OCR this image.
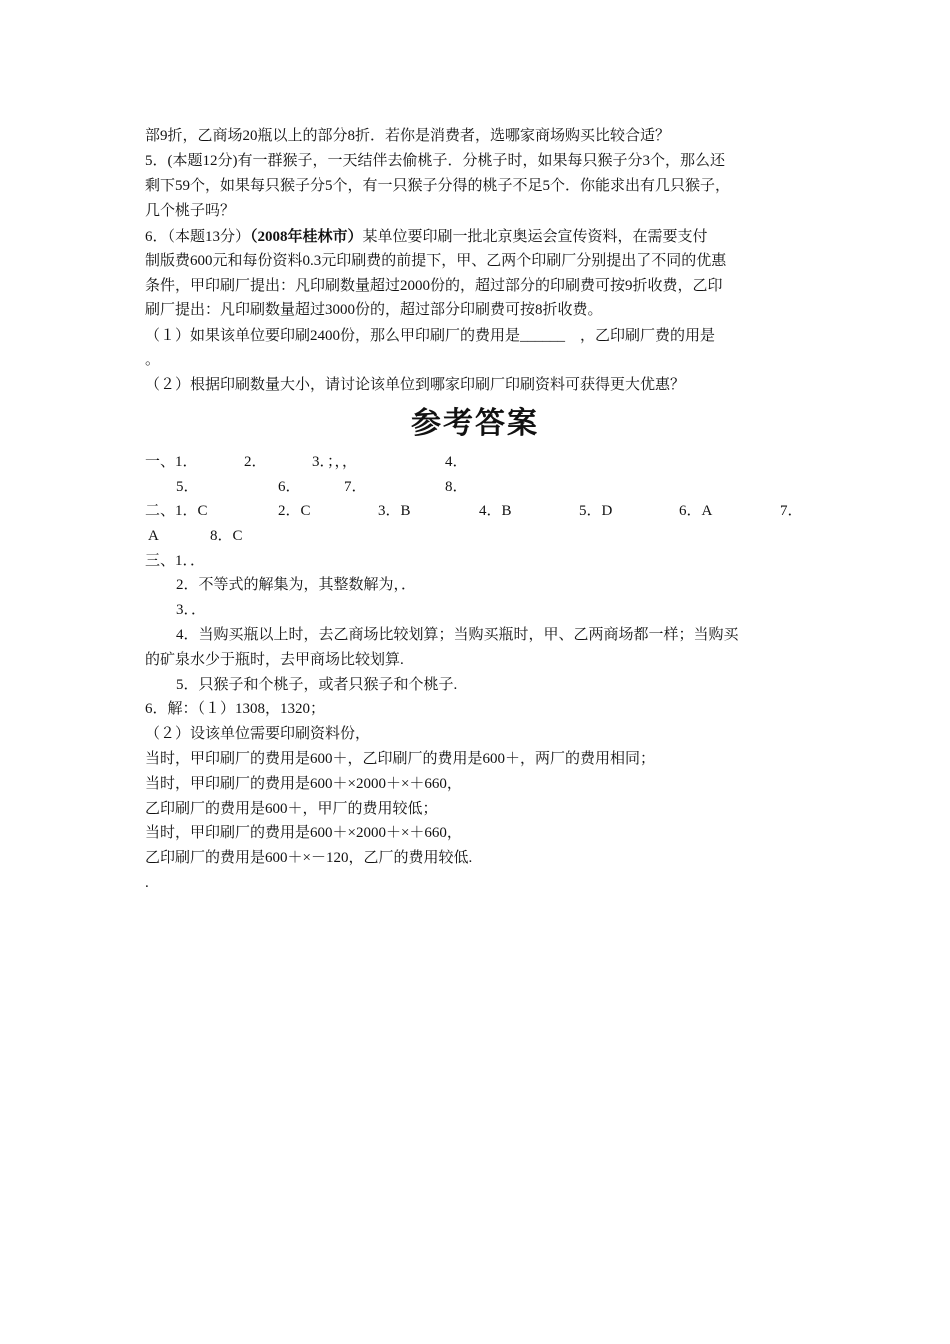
部9折，乙商场20瓶以上的部分8折．若你是消费者，选哪家商场购买比较合适？
5．(本题12分)有一群猴子，一天结伴去偷桃子．分桃子时，如果每只猴子分3个，那么还
剩下59个，如果每只猴子分5个，有一只猴子分得的桃子不足5个．你能求出有几只猴子，
几个桃子吗？
6．（本题13分）（2008年桂林市）某单位要印刷一批北京奥运会宣传资料，在需要支付
制版费600元和每份资料0.3元印刷费的前提下，甲、乙两个印刷厂分别提出了不同的优惠
条件，甲印刷厂提出：凡印刷数量超过2000份的，超过部分的印刷费可按9折收费，乙印
刷厂提出：凡印刷数量超过3000份的，超过部分印刷费可按8折收费。
（１）如果该单位要印刷2400份，那么甲印刷厂的费用是______　，乙印刷厂费的用是
。
（２）根据印刷数量大小，请讨论该单位到哪家印刷厂印刷资料可获得更大优惠？
参考答案
一、1．	2．	3．；，，	4．
5．	6．	7．	8．
二、1．C	2．C	3．B	4．B	5．D	6．A	7．
A	8．C
三、1．．
2．不等式的解集为，其整数解为，．
3．．
4．当购买瓶以上时，去乙商场比较划算；当购买瓶时，甲、乙两商场都一样；当购买
的矿泉水少于瓶时，去甲商场比较划算.
5．只猴子和个桃子，或者只猴子和个桃子.
6．解：（１）1308，1320；
（２）设该单位需要印刷资料份，
当时，甲印刷厂的费用是600＋，乙印刷厂的费用是600＋，两厂的费用相同；
当时，甲印刷厂的费用是600＋×2000＋×＋660，
乙印刷厂的费用是600＋，甲厂的费用较低；
当时，甲印刷厂的费用是600＋×2000＋×＋660，
乙印刷厂的费用是600＋×－120，乙厂的费用较低.
.
